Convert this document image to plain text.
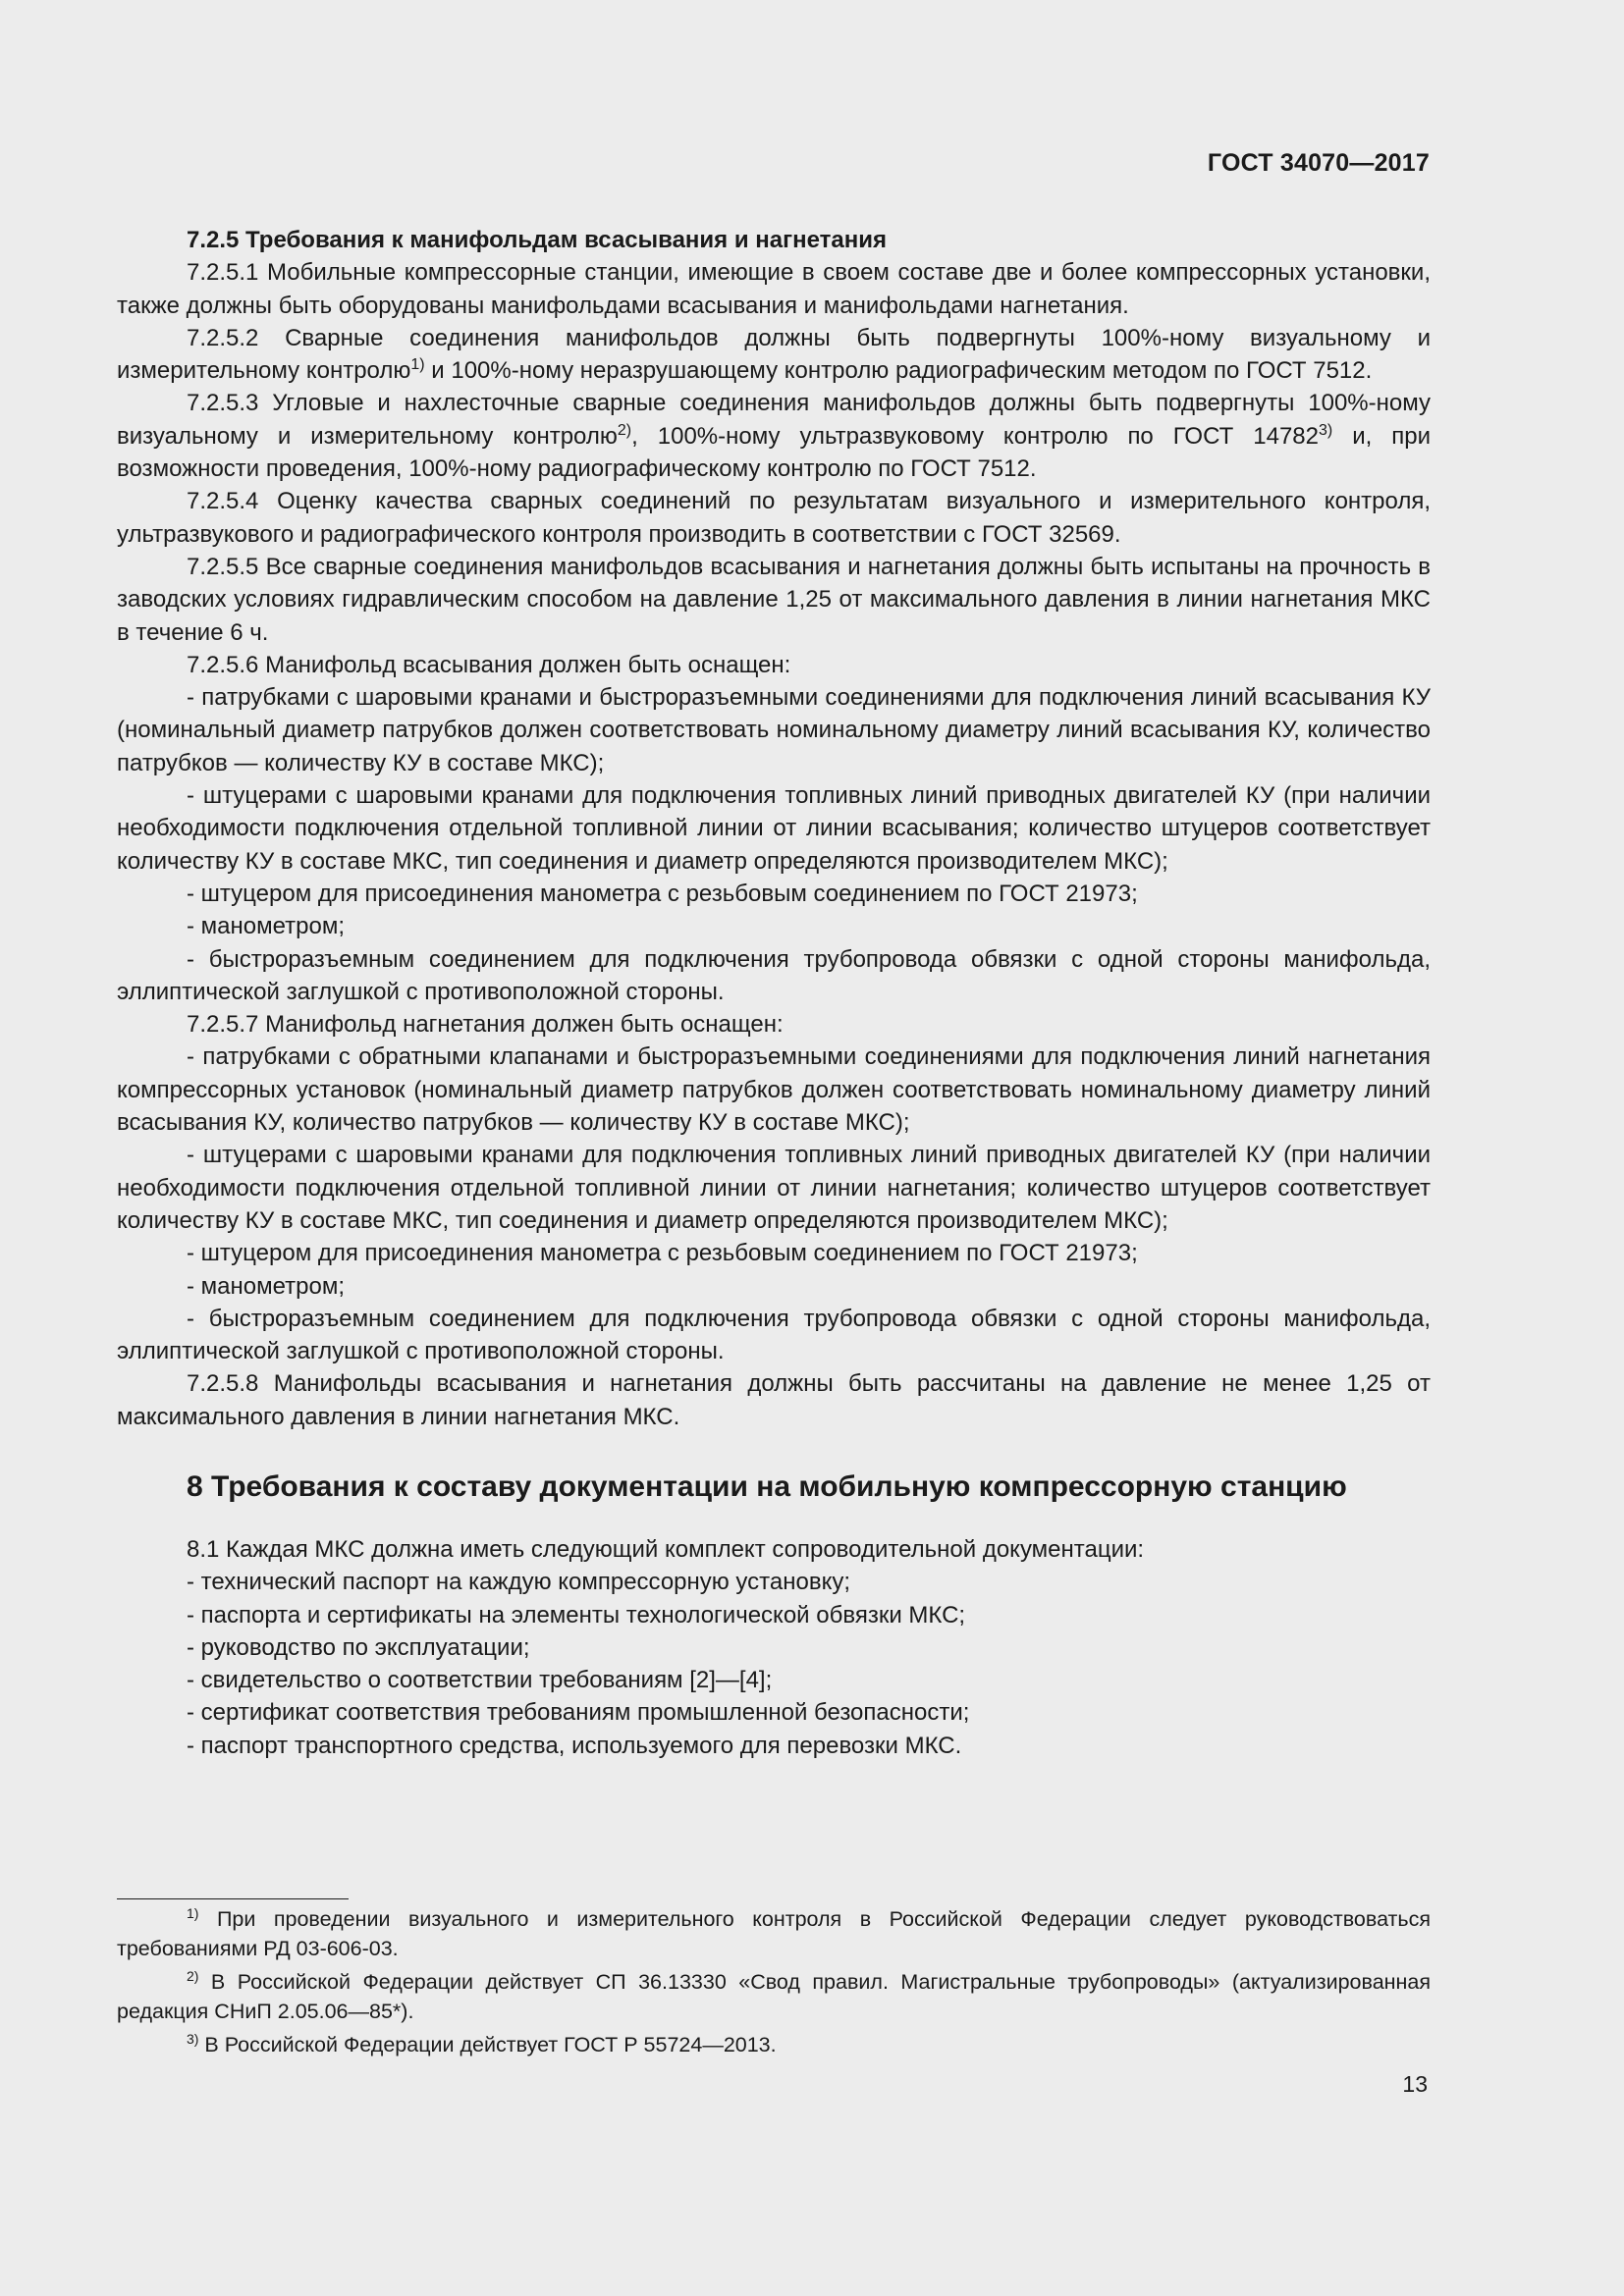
ГОСТ 34070—2017

7.2.5 Требования к манифольдам всасывания и нагнетания

7.2.5.1 Мобильные компрессорные станции, имеющие в своем составе две и более компрессорных установки, также должны быть оборудованы манифольдами всасывания и манифольдами нагнетания.

7.2.5.2 Сварные соединения манифольдов должны быть подвергнуты 100%-ному визуальному и измерительному контролю$^{1)}$ и 100%-ному неразрушающему контролю радиографическим методом по ГОСТ 7512.

7.2.5.3 Угловые и нахлесточные сварные соединения манифольдов должны быть подвергнуты 100%-ному визуальному и измерительному контролю$^{2)}$, 100%-ному ультразвуковому контролю по ГОСТ 14782$^{3)}$ и, при возможности проведения, 100%-ному радиографическому контролю по ГОСТ 7512.

7.2.5.4 Оценку качества сварных соединений по результатам визуального и измерительного контроля, ультразвукового и радиографического контроля производить в соответствии с ГОСТ 32569.

7.2.5.5 Все сварные соединения манифольдов всасывания и нагнетания должны быть испытаны на прочность в заводских условиях гидравлическим способом на давление 1,25 от максимального давления в линии нагнетания МКС в течение 6 ч.

7.2.5.6 Манифольд всасывания должен быть оснащен:

- патрубками с шаровыми кранами и быстроразъемными соединениями для подключения линий всасывания КУ (номинальный диаметр патрубков должен соответствовать номинальному диаметру линий всасывания КУ, количество патрубков — количеству КУ в составе МКС);

- штуцерами с шаровыми кранами для подключения топливных линий приводных двигателей КУ (при наличии необходимости подключения отдельной топливной линии от линии всасывания; количество штуцеров соответствует количеству КУ в составе МКС, тип соединения и диаметр определяются производителем МКС);

- штуцером для присоединения манометра с резьбовым соединением по ГОСТ 21973;

- манометром;

- быстроразъемным соединением для подключения трубопровода обвязки с одной стороны манифольда, эллиптической заглушкой с противоположной стороны.

7.2.5.7 Манифольд нагнетания должен быть оснащен:

- патрубками с обратными клапанами и быстроразъемными соединениями для подключения линий нагнетания компрессорных установок (номинальный диаметр патрубков должен соответствовать номинальному диаметру линий всасывания КУ, количество патрубков — количеству КУ в составе МКС);

- штуцерами с шаровыми кранами для подключения топливных линий приводных двигателей КУ (при наличии необходимости подключения отдельной топливной линии от линии нагнетания; количество штуцеров соответствует количеству КУ в составе МКС, тип соединения и диаметр определяются производителем МКС);

- штуцером для присоединения манометра с резьбовым соединением по ГОСТ 21973;

- манометром;

- быстроразъемным соединением для подключения трубопровода обвязки с одной стороны манифольда, эллиптической заглушкой с противоположной стороны.

7.2.5.8 Манифольды всасывания и нагнетания должны быть рассчитаны на давление не менее 1,25 от максимального давления в линии нагнетания МКС.

8 Требования к составу документации на мобильную компрессорную станцию

8.1 Каждая МКС должна иметь следующий комплект сопроводительной документации:

- технический паспорт на каждую компрессорную установку;

- паспорта и сертификаты на элементы технологической обвязки МКС;

- руководство по эксплуатации;

- свидетельство о соответствии требованиям [2]—[4];

- сертификат соответствия требованиям промышленной безопасности;

- паспорт транспортного средства, используемого для перевозки МКС.

$^{1)}$ При проведении визуального и измерительного контроля в Российской Федерации следует руководствоваться требованиями РД 03-606-03.

$^{2)}$ В Российской Федерации действует СП 36.13330 «Свод правил. Магистральные трубопроводы» (актуализированная редакция СНиП 2.05.06—85*).

$^{3)}$ В Российской Федерации действует ГОСТ Р 55724—2013.

13
